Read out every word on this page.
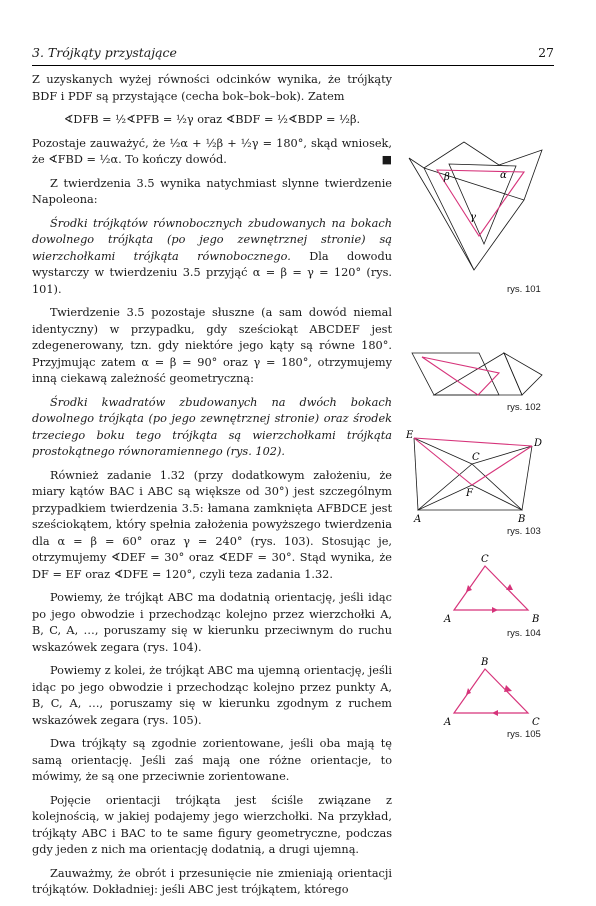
3. Trójkąty przystające	27

Z uzyskanych wyżej równości odcinków wynika, że trójkąty BDF i PDF są przystające (cecha bok–bok–bok). Zatem

∢DFB = ½∢PFB = ½γ oraz ∢BDF = ½∢BDP = ½β.

Pozostaje zauważyć, że ½α + ½β + ½γ = 180°, skąd wniosek, że ∢FBD = ½α. To kończy dowód.	■

Z twierdzenia 3.5 wynika natychmiast slynne twierdzenie Napoleona:

Środki trójkątów równobocznych zbudowanych na bokach dowolnego trójkąta (po jego zewnętrznej stronie) są wierzchołkami trójkąta równobocznego. Dla dowodu wystarczy w twierdzeniu 3.5 przyjąć α = β = γ = 120° (rys. 101).

Twierdzenie 3.5 pozostaje słuszne (a sam dowód niemal identyczny) w przypadku, gdy sześciokąt ABCDEF jest zdegenerowany, tzn. gdy niektóre jego kąty są równe 180°. Przyjmując zatem α = β = 90° oraz γ = 180°, otrzymujemy inną ciekawą zależność geometryczną:

Środki kwadratów zbudowanych na dwóch bokach dowolnego trójkąta (po jego zewnętrznej stronie) oraz środek trzeciego boku tego trójkąta są wierzchołkami trójkąta prostokątnego równoramiennego (rys. 102).

Również zadanie 1.32 (przy dodatkowym założeniu, że miary kątów BAC i ABC są większe od 30°) jest szczególnym przypadkiem twierdzenia 3.5: łamana zamknięta AFBDCE jest sześciokątem, który spełnia założenia powyższego twierdzenia dla α = β = 60° oraz γ = 240° (rys. 103). Stosując je, otrzymujemy ∢DEF = 30° oraz ∢EDF = 30°. Stąd wynika, że DF = EF oraz ∢DFE = 120°, czyli teza zadania 1.32.

Powiemy, że trójkąt ABC ma dodatnią orientację, jeśli idąc po jego obwodzie i przechodząc kolejno przez wierzchołki A, B, C, A, …, poruszamy się w kierunku przeciwnym do ruchu wskazówek zegara (rys. 104).

Powiemy z kolei, że trójkąt ABC ma ujemną orientację, jeśli idąc po jego obwodzie i przechodząc kolejno przez punkty A, B, C, A, …, poruszamy się w kierunku zgodnym z ruchem wskazówek zegara (rys. 105).

Dwa trójkąty są zgodnie zorientowane, jeśli oba mają tę samą orientację. Jeśli zaś mają one różne orientacje, to mówimy, że są one przeciwnie zorientowane.

Pojęcie orientacji trójkąta jest ściśle związane z kolejnością, w jakiej podajemy jego wierzchołki. Na przykład, trójkąty ABC i BAC to te same figury geometryczne, podczas gdy jeden z nich ma orientację dodatnią, a drugi ujemną.

Zauważmy, że obrót i przesunięcie nie zmieniają orientacji trójkątów. Dokładniej: jeśli ABC jest trójkątem, którego

β	α
γ
rys. 101
rys. 102
E
D
C
F
A	B
rys. 103
A	B
C
rys. 104
A	C
B
rys. 105
